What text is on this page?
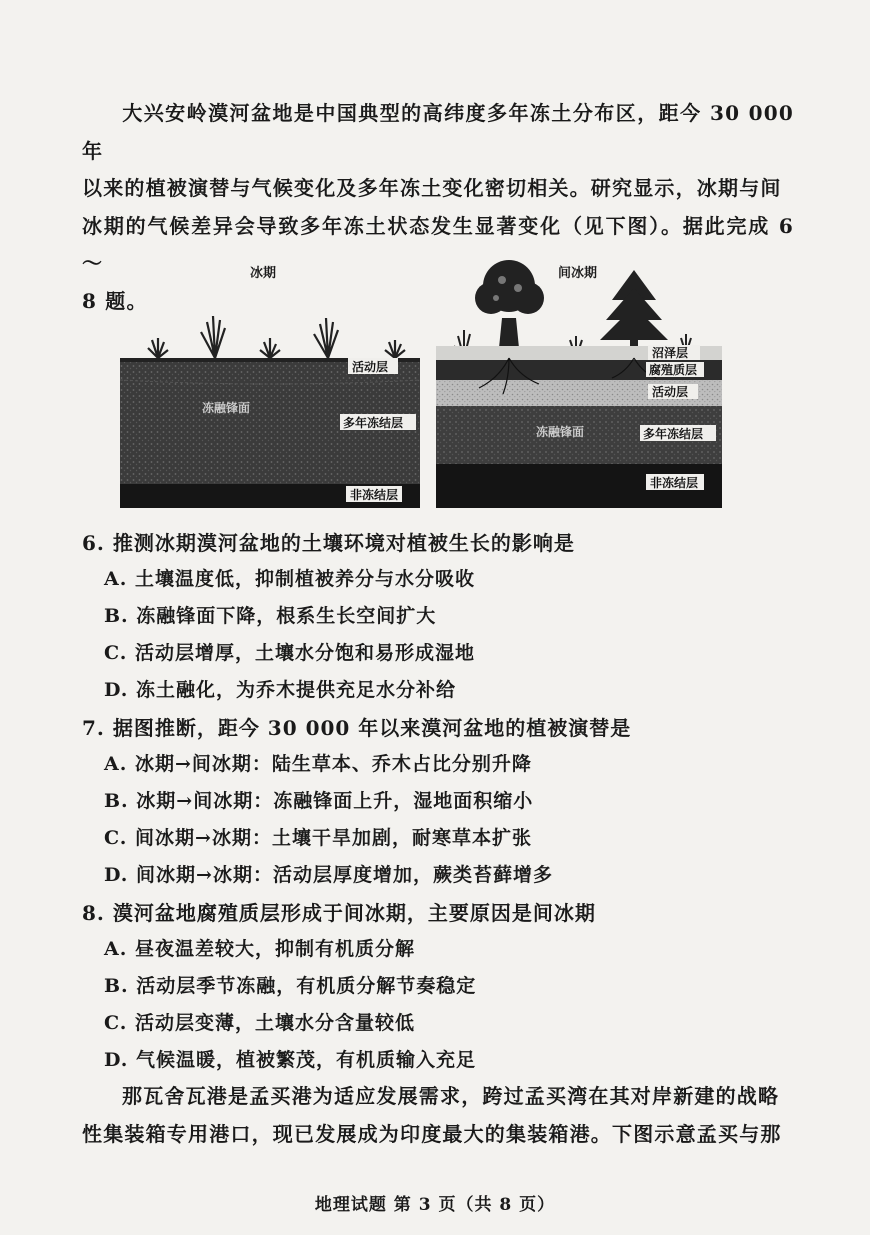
大兴安岭漠河盆地是中国典型的高纬度多年冻土分布区，距今 30 000 年
以来的植被演替与气候变化及多年冻土变化密切相关。研究显示，冰期与间
冰期的气候差异会导致多年冻土状态发生显著变化（见下图）。据此完成 6～
8 题。
冰期	间冰期
活动层
冻融锋面
多年冻结层
非冻结层
沼泽层
腐殖质层
活动层
冻融锋面	多年冻结层
非冻结层
6. 推测冰期漠河盆地的土壤环境对植被生长的影响是
A. 土壤温度低，抑制植被养分与水分吸收
B. 冻融锋面下降，根系生长空间扩大
C. 活动层增厚，土壤水分饱和易形成湿地
D. 冻土融化，为乔木提供充足水分补给
7. 据图推断，距今 30 000 年以来漠河盆地的植被演替是
A. 冰期→间冰期：陆生草本、乔木占比分别升降
B. 冰期→间冰期：冻融锋面上升，湿地面积缩小
C. 间冰期→冰期：土壤干旱加剧，耐寒草本扩张
D. 间冰期→冰期：活动层厚度增加，蕨类苔藓增多
8. 漠河盆地腐殖质层形成于间冰期，主要原因是间冰期
A. 昼夜温差较大，抑制有机质分解
B. 活动层季节冻融，有机质分解节奏稳定
C. 活动层变薄，土壤水分含量较低
D. 气候温暖，植被繁茂，有机质输入充足
那瓦舍瓦港是孟买港为适应发展需求，跨过孟买湾在其对岸新建的战略
性集装箱专用港口，现已发展成为印度最大的集装箱港。下图示意孟买与那
地理试题 第 3 页（共 8 页）
